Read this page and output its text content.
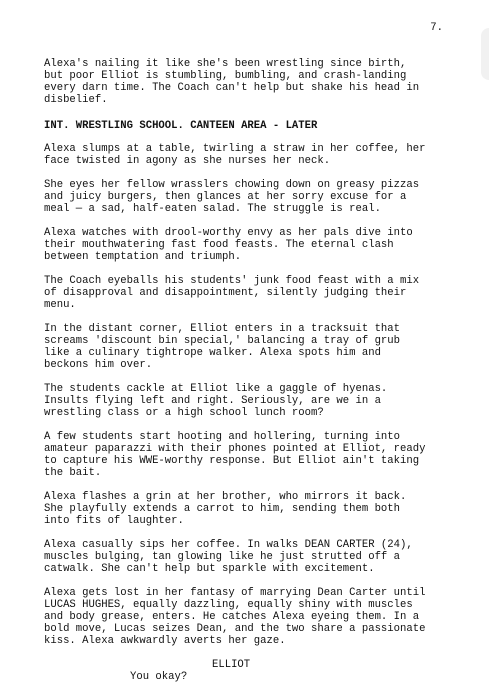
7.
Alexa's nailing it like she's been wrestling since birth,
but poor Elliot is stumbling, bumbling, and crash-landing
every darn time. The Coach can't help but shake his head in
disbelief.
INT. WRESTLING SCHOOL. CANTEEN AREA - LATER
Alexa slumps at a table, twirling a straw in her coffee, her
face twisted in agony as she nurses her neck.
She eyes her fellow wrasslers chowing down on greasy pizzas
and juicy burgers, then glances at her sorry excuse for a
meal — a sad, half-eaten salad. The struggle is real.
Alexa watches with drool-worthy envy as her pals dive into
their mouthwatering fast food feasts. The eternal clash
between temptation and triumph.
The Coach eyeballs his students' junk food feast with a mix
of disapproval and disappointment, silently judging their
menu.
In the distant corner, Elliot enters in a tracksuit that
screams 'discount bin special,' balancing a tray of grub
like a culinary tightrope walker. Alexa spots him and
beckons him over.
The students cackle at Elliot like a gaggle of hyenas.
Insults flying left and right. Seriously, are we in a
wrestling class or a high school lunch room?
A few students start hooting and hollering, turning into
amateur paparazzi with their phones pointed at Elliot, ready
to capture his WWE-worthy response. But Elliot ain't taking
the bait.
Alexa flashes a grin at her brother, who mirrors it back.
She playfully extends a carrot to him, sending them both
into fits of laughter.
Alexa casually sips her coffee. In walks DEAN CARTER (24),
muscles bulging, tan glowing like he just strutted off a
catwalk. She can't help but sparkle with excitement.
Alexa gets lost in her fantasy of marrying Dean Carter until
LUCAS HUGHES, equally dazzling, equally shiny with muscles
and body grease, enters. He catches Alexa eyeing them. In a
bold move, Lucas seizes Dean, and the two share a passionate
kiss. Alexa awkwardly averts her gaze.
ELLIOT
You okay?
